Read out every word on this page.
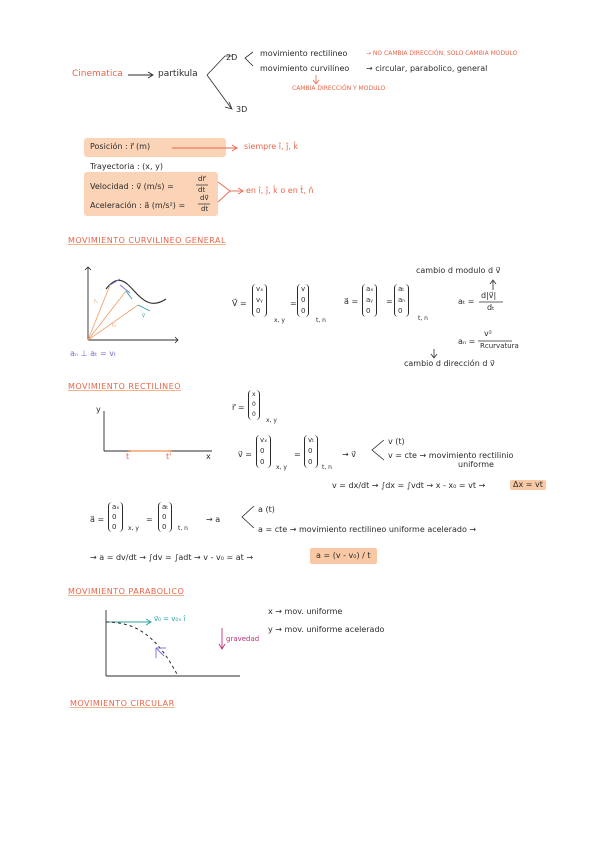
Cinematica	partikula
2D
3D
movimiento rectilineo	→ NO CAMBIA DIRECCIÓN, SOLO CAMBIA MODULO
movimiento curvilineo → circular, parabolico, general
CAMBIA DIRECCIÓN Y MODULO
Posición : r⃗ (m)	siempre î, ĵ, k̂
Trayectoria : (x, y)
Velocidad : v⃗ (m/s) =
dr⃗
dt
Aceleración : a⃗ (m/s²) =
dv⃗
dt
en î, ĵ, k̂ o en t̂, n̂
MOVIMIENTO CURVILINEO GENERAL
r⃗₁
r⃗₂
v⃗
aₙ ⊥ aₜ = vₜ
V⃗ =
vₓ
vᵧ
0
x, y
=
v
0
0
t, n
a⃗ =
aₓ
aᵧ
0
=
aₜ
aₙ
0
t, n
cambio d modulo d v⃗
aₜ =
d|v⃗|
dₜ
aₙ =
v²
Rcurvatura
cambio d dirección d v⃗
MOVIMIENTO RECTILINEO
y
x
t	t'
r⃗ =
x
0
0
x, y
v⃗ =
vₓ
0
0
x, y
=
vₜ
0
0
t, n
→ v⃗
v (t)
v = cte → movimiento rectilinio
uniforme
v = dx/dt → ∫dx = ∫vdt → x - x₀ = vt →	Δx = vt
a⃗ =
aₓ
0
0	x, y
=
aₜ
0
0	t, n
→ a
a (t)
a = cte → movimiento rectilineo uniforme acelerado →
→ a = dv/dt → ∫dv = ∫adt → v - v₀ = at →	a = (v - v₀) / t
MOVIMIENTO PARABOLICO
v⃗₀ = v₀ₓ î
gravedad
x → mov. uniforme
y → mov. uniforme acelerado
MOVIMIENTO CIRCULAR
